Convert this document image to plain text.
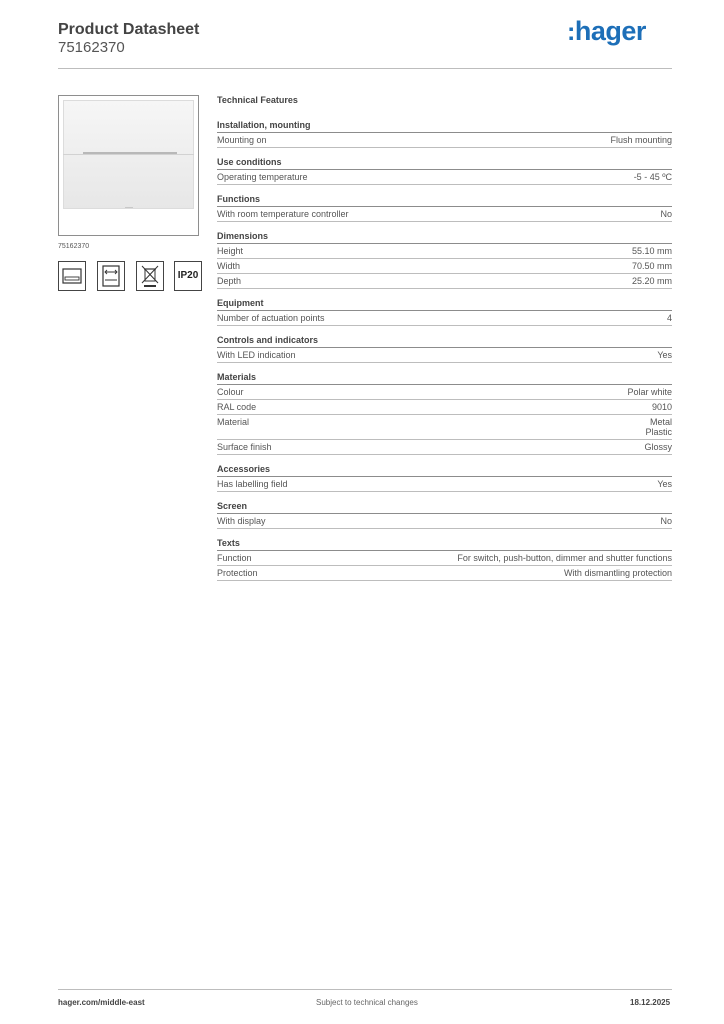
Product Datasheet
75162370
:hager
75162370
IP20
Technical Features
Installation, mounting
Mounting on	Flush mounting
Use conditions
Operating temperature	-5 - 45 ºC
Functions
With room temperature controller	No
Dimensions
Height	55.10 mm
Width	70.50 mm
Depth	25.20 mm
Equipment
Number of actuation points	4
Controls and indicators
With LED indication	Yes
Materials
Colour	Polar white
RAL code	9010
Material	Metal
Plastic
Surface finish	Glossy
Accessories
Has labelling field	Yes
Screen
With display	No
Texts
Function	For switch, push-button, dimmer and shutter functions
Protection	With dismantling protection
hager.com/middle-east	Subject to technical changes	18.12.2025
